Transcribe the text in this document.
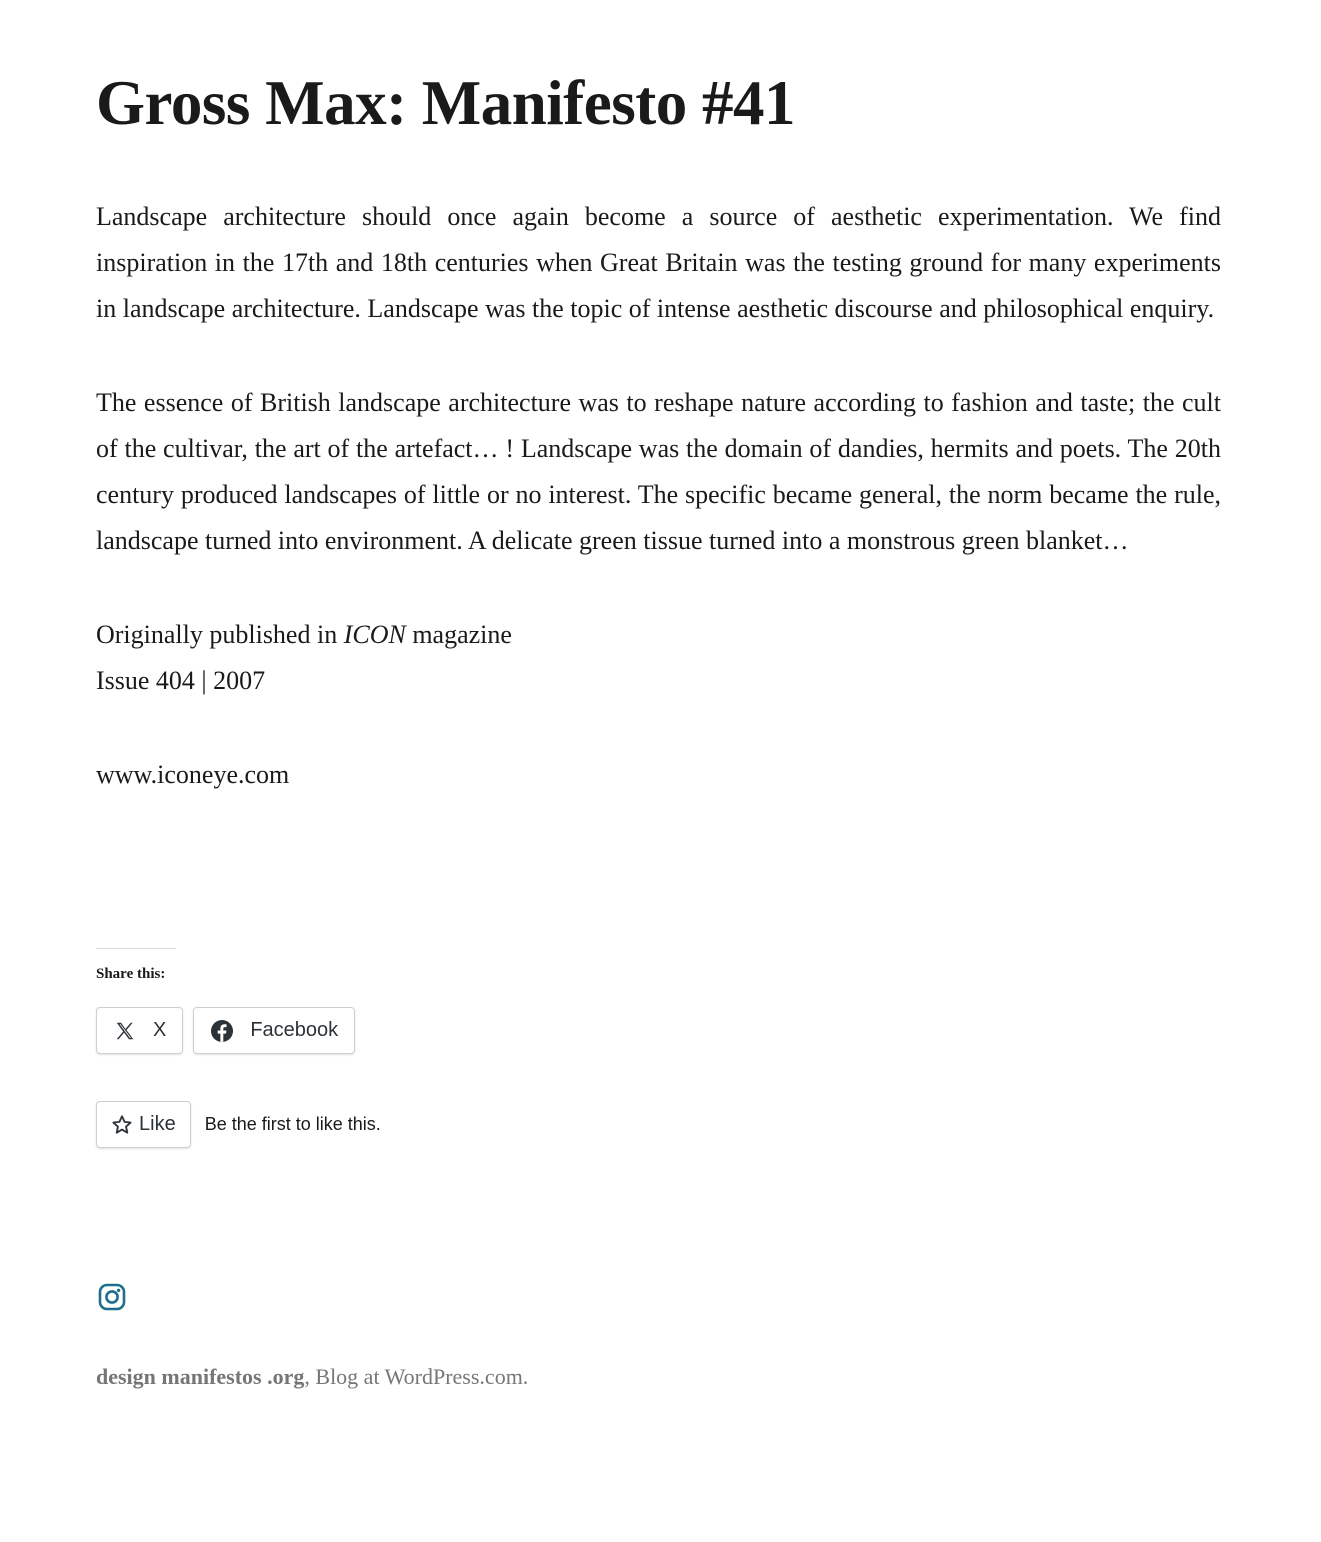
Gross Max: Manifesto #41

Landscape architecture should once again become a source of aesthetic experimentation. We find inspiration in the 17th and 18th centuries when Great Britain was the testing ground for many experiments in landscape architecture. Landscape was the topic of intense aesthetic discourse and philosophical enquiry.

The essence of British landscape architecture was to reshape nature according to fashion and taste; the cult of the cultivar, the art of the artefact… ! Landscape was the domain of dandies, hermits and poets. The 20th century produced landscapes of little or no interest. The specific became general, the norm became the rule, landscape turned into environment. A delicate green tissue turned into a monstrous green blanket…

Originally published in ICON magazine
Issue 404 | 2007

www.iconeye.com

Share this:
X	Facebook
Like Be the first to like this.
design manifestos .org, Blog at WordPress.com.
